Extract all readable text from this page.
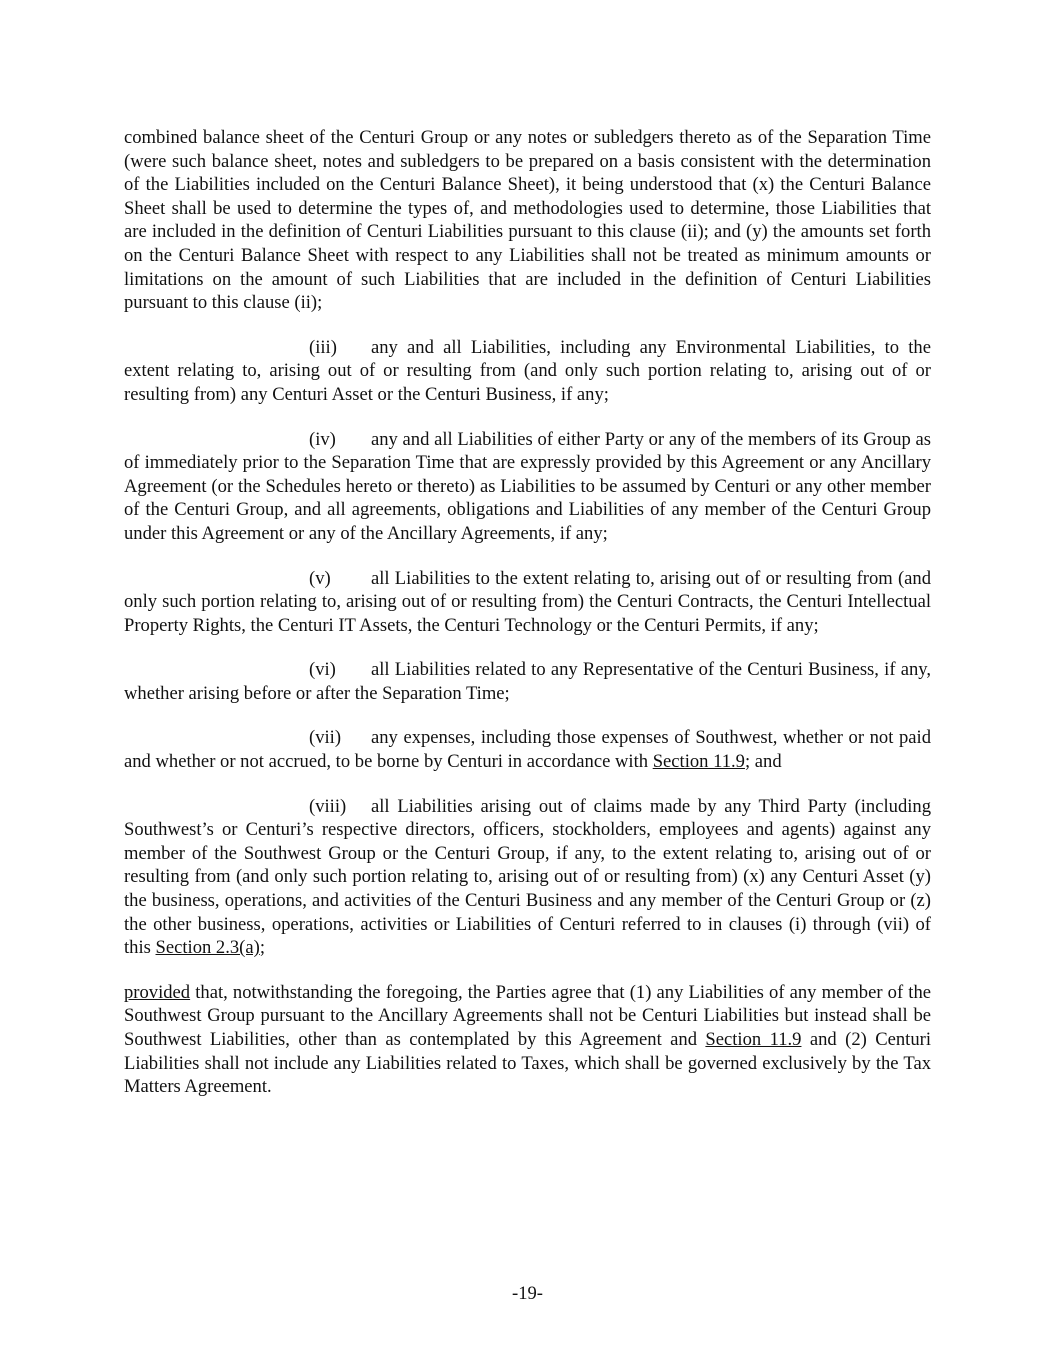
combined balance sheet of the Centuri Group or any notes or subledgers thereto as of the Separation Time (were such balance sheet, notes and subledgers to be prepared on a basis consistent with the determination of the Liabilities included on the Centuri Balance Sheet), it being understood that (x) the Centuri Balance Sheet shall be used to determine the types of, and methodologies used to determine, those Liabilities that are included in the definition of Centuri Liabilities pursuant to this clause (ii); and (y) the amounts set forth on the Centuri Balance Sheet with respect to any Liabilities shall not be treated as minimum amounts or limitations on the amount of such Liabilities that are included in the definition of Centuri Liabilities pursuant to this clause (ii);

(iii) any and all Liabilities, including any Environmental Liabilities, to the extent relating to, arising out of or resulting from (and only such portion relating to, arising out of or resulting from) any Centuri Asset or the Centuri Business, if any;

(iv) any and all Liabilities of either Party or any of the members of its Group as of immediately prior to the Separation Time that are expressly provided by this Agreement or any Ancillary Agreement (or the Schedules hereto or thereto) as Liabilities to be assumed by Centuri or any other member of the Centuri Group, and all agreements, obligations and Liabilities of any member of the Centuri Group under this Agreement or any of the Ancillary Agreements, if any;

(v) all Liabilities to the extent relating to, arising out of or resulting from (and only such portion relating to, arising out of or resulting from) the Centuri Contracts, the Centuri Intellectual Property Rights, the Centuri IT Assets, the Centuri Technology or the Centuri Permits, if any;

(vi) all Liabilities related to any Representative of the Centuri Business, if any, whether arising before or after the Separation Time;

(vii) any expenses, including those expenses of Southwest, whether or not paid and whether or not accrued, to be borne by Centuri in accordance with Section 11.9; and

(viii) all Liabilities arising out of claims made by any Third Party (including Southwest’s or Centuri’s respective directors, officers, stockholders, employees and agents) against any member of the Southwest Group or the Centuri Group, if any, to the extent relating to, arising out of or resulting from (and only such portion relating to, arising out of or resulting from) (x) any Centuri Asset (y) the business, operations, and activities of the Centuri Business and any member of the Centuri Group or (z) the other business, operations, activities or Liabilities of Centuri referred to in clauses (i) through (vii) of this Section 2.3(a);

provided that, notwithstanding the foregoing, the Parties agree that (1) any Liabilities of any member of the Southwest Group pursuant to the Ancillary Agreements shall not be Centuri Liabilities but instead shall be Southwest Liabilities, other than as contemplated by this Agreement and Section 11.9 and (2) Centuri Liabilities shall not include any Liabilities related to Taxes, which shall be governed exclusively by the Tax Matters Agreement.

-19-
